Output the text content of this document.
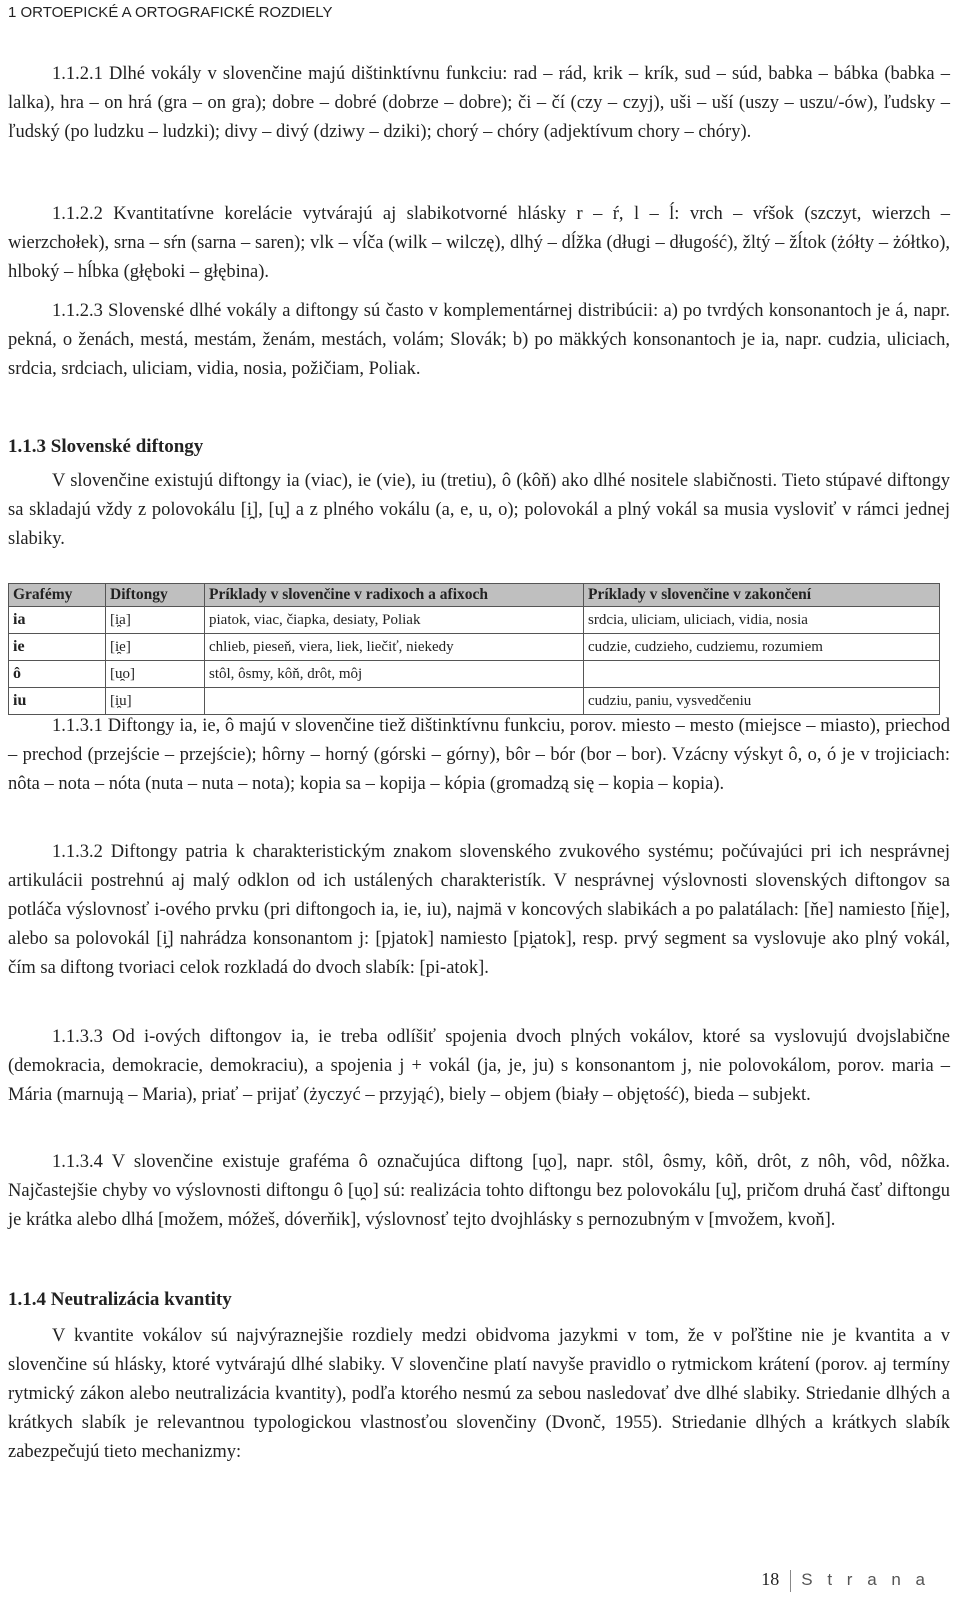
1 ORTOEPICKÉ A ORTOGRAFICKÉ ROZDIELY

1.1.2.1 Dlhé vokály v slovenčine majú dištinktívnu funkciu: rad – rád, krik – krík, sud – súd, babka – bábka (babka – lalka), hra – on hrá (gra – on gra); dobre – dobré (dobrze – dobre); či – čí (czy – czyj), uši – uší (uszy – uszu/-ów), ľudsky – ľudský (po ludzku – ludzki); divy – divý (dziwy – dziki); chorý – chóry (adjektívum chory – chóry).

1.1.2.2 Kvantitatívne korelácie vytvárajú aj slabikotvorné hlásky r – ŕ, l – ĺ: vrch – vŕšok (szczyt, wierzch – wierzchołek), srna – sŕn (sarna – saren); vlk – vĺča (wilk – wilczę), dlhý – dĺžka (długi – długość), žltý – žĺtok (żółty – żółtko), hlboký – hĺbka (głęboki – głębina).

1.1.2.3 Slovenské dlhé vokály a diftongy sú často v komplementárnej distribúcii: a) po tvrdých konsonantoch je á, napr. pekná, o ženách, mestá, mestám, ženám, mestách, volám; Slovák; b) po mäkkých konsonantoch je ia, napr. cudzia, uliciach, srdcia, srdciach, uliciam, vidia, nosia, požičiam, Poliak.

1.1.3 Slovenské diftongy

V slovenčine existujú diftongy ia (viac), ie (vie), iu (tretiu), ô (kôň) ako dlhé nositele slabičnosti. Tieto stúpavé diftongy sa skladajú vždy z polovokálu [i̯], [u̯] a z plného vokálu (a, e, u, o); polovokál a plný vokál sa musia vysloviť v rámci jednej slabiky.

Grafémy	Diftongy	Príklady v slovenčine v radixoch a afixoch	Príklady v slovenčine v zakončení
ia	[i̯a]	piatok, viac, čiapka, desiaty, Poliak	srdcia, uliciam, uliciach, vidia, nosia
ie	[i̯e]	chlieb, pieseň, viera, liek, liečiť, niekedy	cudzie, cudzieho, cudziemu, rozumiem
ô	[u̯o]	stôl, ôsmy, kôň, drôt, môj	
iu	[i̯u]		cudziu, paniu, vysvedčeniu

1.1.3.1 Diftongy ia, ie, ô majú v slovenčine tiež dištinktívnu funkciu, porov. miesto – mesto (miejsce – miasto), priechod – prechod (przejście – przejście); hôrny – horný (górski – górny), bôr – bór (bor – bor). Vzácny výskyt ô, o, ó je v trojiciach: nôta – nota – nóta (nuta – nuta – nota); kopia sa – kopija – kópia (gromadzą się – kopia – kopia).

1.1.3.2 Diftongy patria k charakteristickým znakom slovenského zvukového systému; počúvajúci pri ich nesprávnej artikulácii postrehnú aj malý odklon od ich ustálených charakteristík. V nesprávnej výslovnosti slovenských diftongov sa potláča výslovnosť i-ového prvku (pri diftongoch ia, ie, iu), najmä v koncových slabikách a po palatálach: [ňe] namiesto [ňi̯e], alebo sa polovokál [i̯] nahrádza konsonantom j: [pjatok] namiesto [pi̯atok], resp. prvý segment sa vyslovuje ako plný vokál, čím sa diftong tvoriaci celok rozkladá do dvoch slabík: [pi-atok].

1.1.3.3 Od i-ových diftongov ia, ie treba odlíšiť spojenia dvoch plných vokálov, ktoré sa vyslovujú dvojslabične (demokracia, demokracie, demokraciu), a spojenia j + vokál (ja, je, ju) s konsonantom j, nie polovokálom, porov. maria – Mária (marnują – Maria), priať – prijať (życzyć – przyjąć), biely – objem (biały – objętość), bieda – subjekt.

1.1.3.4 V slovenčine existuje grafémа ô označujúca diftong [u̯o], napr. stôl, ôsmy, kôň, drôt, z nôh, vôd, nôžka. Najčastejšie chyby vo výslovnosti diftongu ô [u̯o] sú: realizácia tohto diftongu bez polovokálu [u̯], pričom druhá časť diftongu je krátka alebo dlhá [možem, móžeš, dóverňik], výslovnosť tejto dvojhlásky s pernozubným v [mvožem, kvoň].

1.1.4 Neutralizácia kvantity

V kvantite vokálov sú najvýraznejšie rozdiely medzi obidvoma jazykmi v tom, že v poľštine nie je kvantita a v slovenčine sú hlásky, ktoré vytvárajú dlhé slabiky. V slovenčine platí navyše pravidlo o rytmickom krátení (porov. aj termíny rytmický zákon alebo neutralizácia kvantity), podľa ktorého nesmú za sebou nasledovať dve dlhé slabiky. Striedanie dlhých a krátkych slabík je relevantnou typologickou vlastnosťou slovenčiny (Dvonč, 1955). Striedanie dlhých a krátkych slabík zabezpečujú tieto mechanizmy:

18 S t r a n a
